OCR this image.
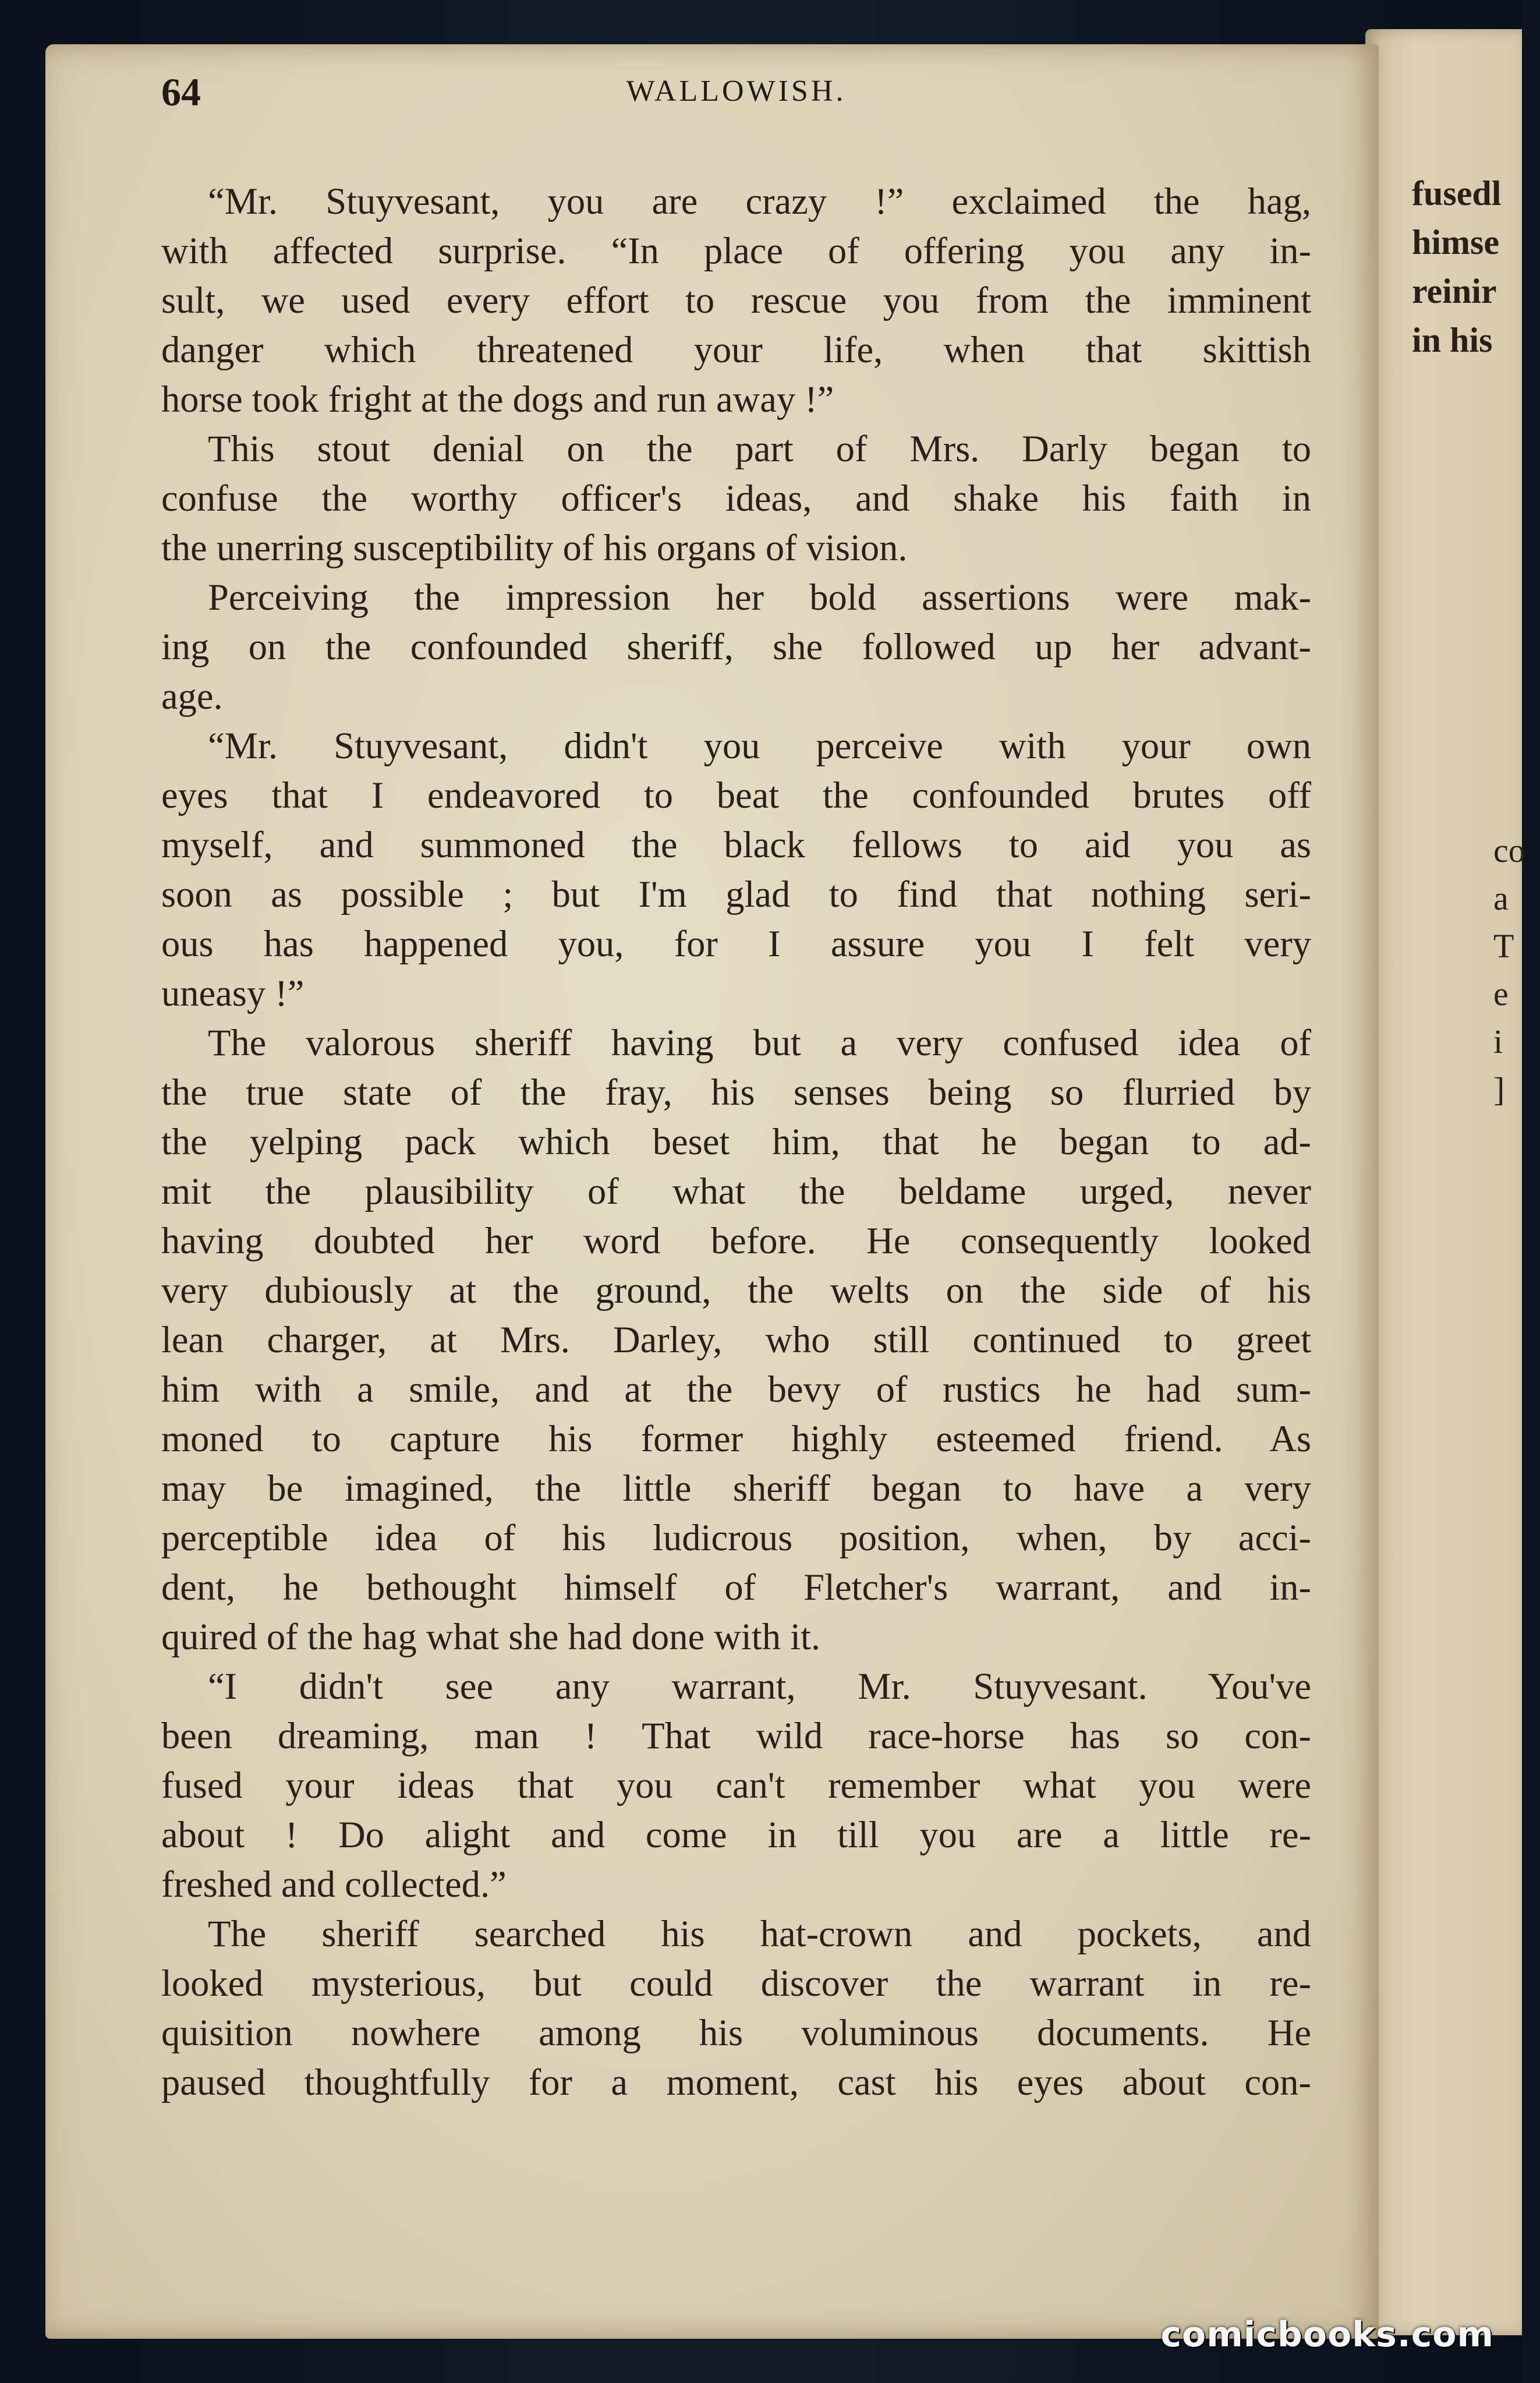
fusedl
himse
reinir
in his
co
a
T
e
i
]
64	WALLOWISH.
“Mr. Stuyvesant, you are crazy !” exclaimed the hag,
with affected surprise. “In place of offering you any in-
sult, we used every effort to rescue you from the imminent
danger which threatened your life, when that skittish
horse took fright at the dogs and run away !”
This stout denial on the part of Mrs. Darly began to
confuse the worthy officer's ideas, and shake his faith in
the unerring susceptibility of his organs of vision.
Perceiving the impression her bold assertions were mak-
ing on the confounded sheriff, she followed up her advant-
age.
“Mr. Stuyvesant, didn't you perceive with your own
eyes that I endeavored to beat the confounded brutes off
myself, and summoned the black fellows to aid you as
soon as possible ; but I'm glad to find that nothing seri-
ous has happened you, for I assure you I felt very
uneasy !”
The valorous sheriff having but a very confused idea of
the true state of the fray, his senses being so flurried by
the yelping pack which beset him, that he began to ad-
mit the plausibility of what the beldame urged, never
having doubted her word before. He consequently looked
very dubiously at the ground, the welts on the side of his
lean charger, at Mrs. Darley, who still continued to greet
him with a smile, and at the bevy of rustics he had sum-
moned to capture his former highly esteemed friend. As
may be imagined, the little sheriff began to have a very
perceptible idea of his ludicrous position, when, by acci-
dent, he bethought himself of Fletcher's warrant, and in-
quired of the hag what she had done with it.
“I didn't see any warrant, Mr. Stuyvesant. You've
been dreaming, man ! That wild race-horse has so con-
fused your ideas that you can't remember what you were
about ! Do alight and come in till you are a little re-
freshed and collected.”
The sheriff searched his hat-crown and pockets, and
looked mysterious, but could discover the warrant in re-
quisition nowhere among his voluminous documents. He
paused thoughtfully for a moment, cast his eyes about con-
comicbooks.com
